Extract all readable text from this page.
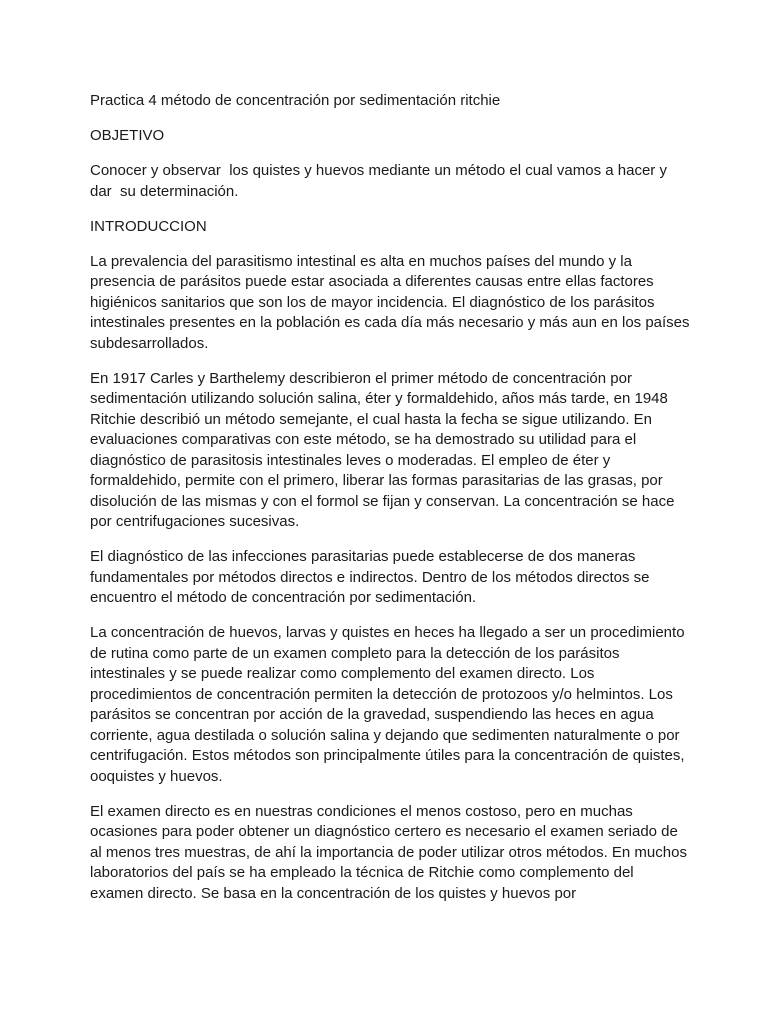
Practica 4 método de concentración por sedimentación ritchie

OBJETIVO

Conocer y observar  los quistes y huevos mediante un método el cual vamos a hacer y dar  su determinación.

INTRODUCCION

La prevalencia del parasitismo intestinal es alta en muchos países del mundo y la presencia de parásitos puede estar asociada a diferentes causas entre ellas factores higiénicos sanitarios que son los de mayor incidencia. El diagnóstico de los parásitos intestinales presentes en la población es cada día más necesario y más aun en los países subdesarrollados.

En 1917 Carles y Barthelemy describieron el primer método de concentración por sedimentación utilizando solución salina, éter y formaldehido, años más tarde, en 1948 Ritchie describió un método semejante, el cual hasta la fecha se sigue utilizando. En evaluaciones comparativas con este método, se ha demostrado su utilidad para el diagnóstico de parasitosis intestinales leves o moderadas. El empleo de éter y formaldehido, permite con el primero, liberar las formas parasitarias de las grasas, por disolución de las mismas y con el formol se fijan y conservan. La concentración se hace por centrifugaciones sucesivas.

El diagnóstico de las infecciones parasitarias puede establecerse de dos maneras fundamentales por métodos directos e indirectos. Dentro de los métodos directos se encuentro el método de concentración por sedimentación.

La concentración de huevos, larvas y quistes en heces ha llegado a ser un procedimiento de rutina como parte de un examen completo para la detección de los parásitos intestinales y se puede realizar como complemento del examen directo. Los procedimientos de concentración permiten la detección de protozoos y/o helmintos. Los parásitos se concentran por acción de la gravedad, suspendiendo las heces en agua corriente, agua destilada o solución salina y dejando que sedimenten naturalmente o por centrifugación. Estos métodos son principalmente útiles para la concentración de quistes, ooquistes y huevos.

El examen directo es en nuestras condiciones el menos costoso, pero en muchas ocasiones para poder obtener un diagnóstico certero es necesario el examen seriado de al menos tres muestras, de ahí la importancia de poder utilizar otros métodos. En muchos laboratorios del país se ha empleado la técnica de Ritchie como complemento del examen directo. Se basa en la concentración de los quistes y huevos por
